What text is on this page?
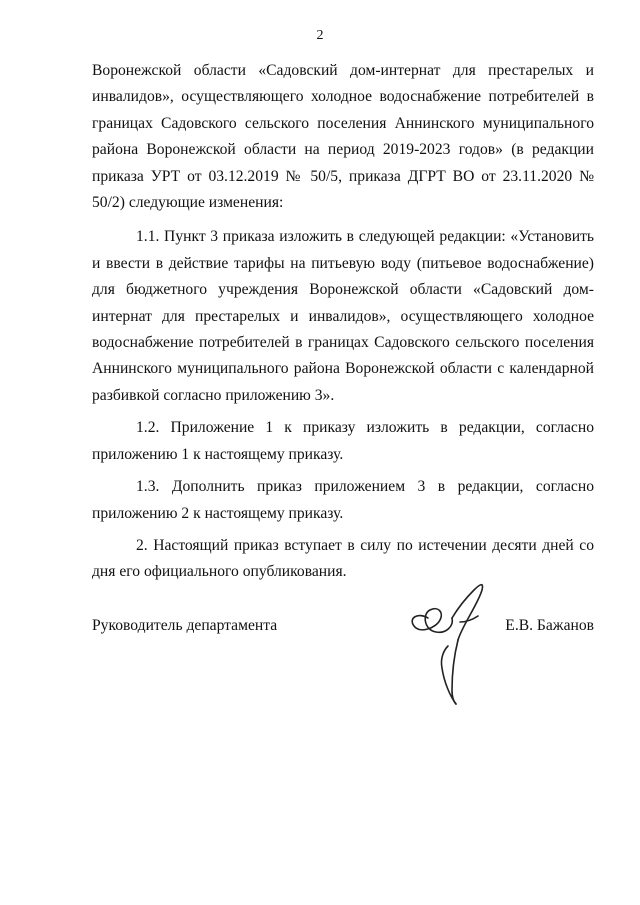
2

Воронежской области «Садовский дом-интернат для престарелых и инвалидов», осуществляющего холодное водоснабжение потребителей в границах Садовского сельского поселения Аннинского муниципального района Воронежской области на период 2019-2023 годов» (в редакции приказа УРТ от 03.12.2019 № 50/5, приказа ДГРТ ВО от 23.11.2020 № 50/2) следующие изменения:

1.1. Пункт 3 приказа изложить в следующей редакции: «Установить и ввести в действие тарифы на питьевую воду (питьевое водоснабжение) для бюджетного учреждения Воронежской области «Садовский дом-интернат для престарелых и инвалидов», осуществляющего холодное водоснабжение потребителей в границах Садовского сельского поселения Аннинского муниципального района Воронежской области с календарной разбивкой согласно приложению 3».

1.2. Приложение 1 к приказу изложить в редакции, согласно приложению 1 к настоящему приказу.

1.3. Дополнить приказ приложением 3 в редакции, согласно приложению 2 к настоящему приказу.

2. Настоящий приказ вступает в силу по истечении десяти дней со дня его официального опубликования.

Руководитель департамента	Е.В. Бажанов
